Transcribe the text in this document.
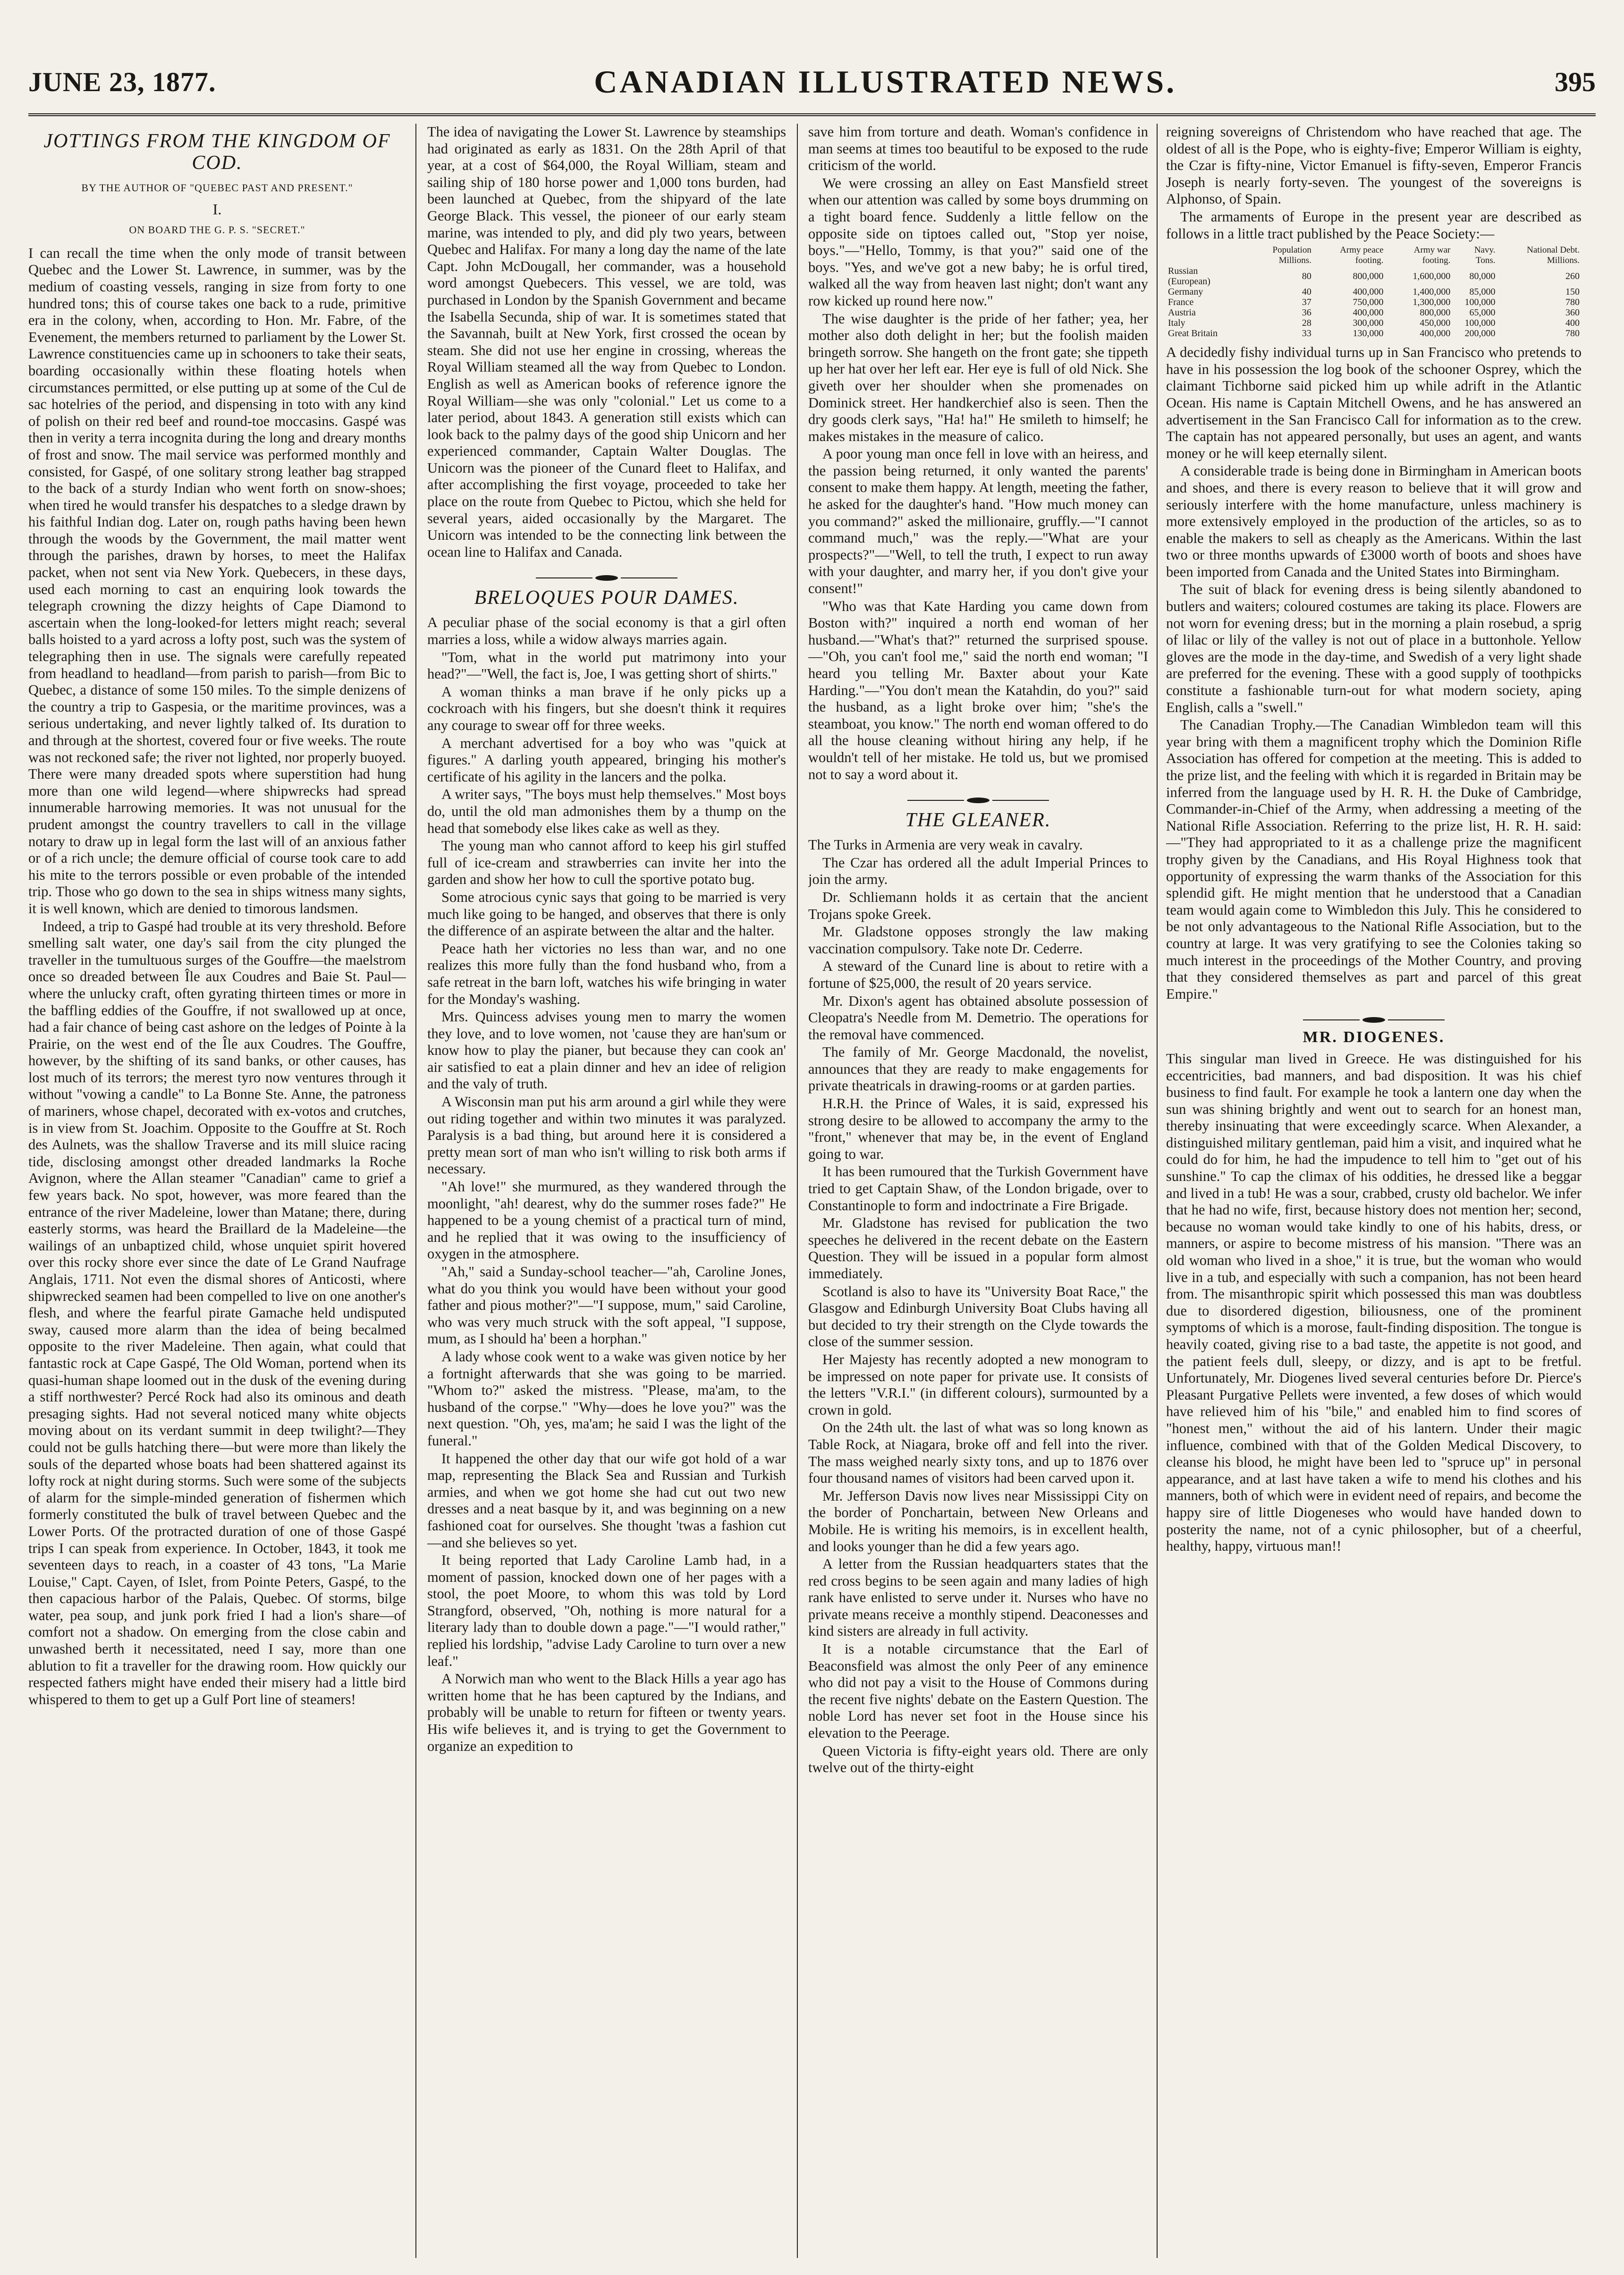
JUNE 23, 1877.	CANADIAN ILLUSTRATED NEWS.	395
JOTTINGS FROM THE KINGDOM OF COD.
BY THE AUTHOR OF "QUEBEC PAST AND PRESENT."
I.
ON BOARD THE G. P. S. "SECRET."

I can recall the time when the only mode of transit between Quebec and the Lower St. Lawrence, in summer, was by the medium of coasting vessels, ranging in size from forty to one hundred tons; this of course takes one back to a rude, primitive era in the colony, when, according to Hon. Mr. Fabre, of the Evenement, the members returned to parliament by the Lower St. Lawrence constituencies came up in schooners to take their seats, boarding occasionally within these floating hotels when circumstances permitted, or else putting up at some of the Cul de sac hotelries of the period, and dispensing in toto with any kind of polish on their red beef and round-toe moccasins. Gaspé was then in verity a terra incognita during the long and dreary months of frost and snow. The mail service was performed monthly and consisted, for Gaspé, of one solitary strong leather bag strapped to the back of a sturdy Indian who went forth on snow-shoes; when tired he would transfer his despatches to a sledge drawn by his faithful Indian dog. Later on, rough paths having been hewn through the woods by the Government, the mail matter went through the parishes, drawn by horses, to meet the Halifax packet, when not sent via New York. Quebecers, in these days, used each morning to cast an enquiring look towards the telegraph crowning the dizzy heights of Cape Diamond to ascertain when the long-looked-for letters might reach; several balls hoisted to a yard across a lofty post, such was the system of telegraphing then in use. The signals were carefully repeated from headland to headland—from parish to parish—from Bic to Quebec, a distance of some 150 miles. To the simple denizens of the country a trip to Gaspesia, or the maritime provinces, was a serious undertaking, and never lightly talked of. Its duration to and through at the shortest, covered four or five weeks. The route was not reckoned safe; the river not lighted, nor properly buoyed. There were many dreaded spots where superstition had hung more than one wild legend—where shipwrecks had spread innumerable harrowing memories. It was not unusual for the prudent amongst the country travellers to call in the village notary to draw up in legal form the last will of an anxious father or of a rich uncle; the demure official of course took care to add his mite to the terrors possible or even probable of the intended trip. Those who go down to the sea in ships witness many sights, it is well known, which are denied to timorous landsmen.

Indeed, a trip to Gaspé had trouble at its very threshold. Before smelling salt water, one day's sail from the city plunged the traveller in the tumultuous surges of the Gouffre—the maelstrom once so dreaded between Île aux Coudres and Baie St. Paul—where the unlucky craft, often gyrating thirteen times or more in the baffling eddies of the Gouffre, if not swallowed up at once, had a fair chance of being cast ashore on the ledges of Pointe à la Prairie, on the west end of the Île aux Coudres. The Gouffre, however, by the shifting of its sand banks, or other causes, has lost much of its terrors; the merest tyro now ventures through it without "vowing a candle" to La Bonne Ste. Anne, the patroness of mariners, whose chapel, decorated with ex-votos and crutches, is in view from St. Joachim. Opposite to the Gouffre at St. Roch des Aulnets, was the shallow Traverse and its mill sluice racing tide, disclosing amongst other dreaded landmarks la Roche Avignon, where the Allan steamer "Canadian" came to grief a few years back. No spot, however, was more feared than the entrance of the river Madeleine, lower than Matane; there, during easterly storms, was heard the Braillard de la Madeleine—the wailings of an unbaptized child, whose unquiet spirit hovered over this rocky shore ever since the date of Le Grand Naufrage Anglais, 1711. Not even the dismal shores of Anticosti, where shipwrecked seamen had been compelled to live on one another's flesh, and where the fearful pirate Gamache held undisputed sway, caused more alarm than the idea of being becalmed opposite to the river Madeleine. Then again, what could that fantastic rock at Cape Gaspé, The Old Woman, portend when its quasi-human shape loomed out in the dusk of the evening during a stiff northwester? Percé Rock had also its ominous and death presaging sights. Had not several noticed many white objects moving about on its verdant summit in deep twilight?—They could not be gulls hatching there—but were more than likely the souls of the departed whose boats had been shattered against its lofty rock at night during storms. Such were some of the subjects of alarm for the simple-minded generation of fishermen which formerly constituted the bulk of travel between Quebec and the Lower Ports. Of the protracted duration of one of those Gaspé trips I can speak from experience. In October, 1843, it took me seventeen days to reach, in a coaster of 43 tons, "La Marie Louise," Capt. Cayen, of Islet, from Pointe Peters, Gaspé, to the then capacious harbor of the Palais, Quebec. Of storms, bilge water, pea soup, and junk pork fried I had a lion's share—of comfort not a shadow. On emerging from the close cabin and unwashed berth it necessitated, need I say, more than one ablution to fit a traveller for the drawing room. How quickly our respected fathers might have ended their misery had a little bird whispered to them to get up a Gulf Port line of steamers!

The idea of navigating the Lower St. Lawrence by steamships had originated as early as 1831. On the 28th April of that year, at a cost of $64,000, the Royal William, steam and sailing ship of 180 horse power and 1,000 tons burden, had been launched at Quebec, from the shipyard of the late George Black. This vessel, the pioneer of our early steam marine, was intended to ply, and did ply two years, between Quebec and Halifax. For many a long day the name of the late Capt. John McDougall, her commander, was a household word amongst Quebecers. This vessel, we are told, was purchased in London by the Spanish Government and became the Isabella Secunda, ship of war. It is sometimes stated that the Savannah, built at New York, first crossed the ocean by steam. She did not use her engine in crossing, whereas the Royal William steamed all the way from Quebec to London. English as well as American books of reference ignore the Royal William—she was only "colonial." Let us come to a later period, about 1843. A generation still exists which can look back to the palmy days of the good ship Unicorn and her experienced commander, Captain Walter Douglas. The Unicorn was the pioneer of the Cunard fleet to Halifax, and after accomplishing the first voyage, proceeded to take her place on the route from Quebec to Pictou, which she held for several years, aided occasionally by the Margaret. The Unicorn was intended to be the connecting link between the ocean line to Halifax and Canada.

BRELOQUES POUR DAMES.

A peculiar phase of the social economy is that a girl often marries a loss, while a widow always marries again.

"Tom, what in the world put matrimony into your head?"—"Well, the fact is, Joe, I was getting short of shirts."

A woman thinks a man brave if he only picks up a cockroach with his fingers, but she doesn't think it requires any courage to swear off for three weeks.

A merchant advertised for a boy who was "quick at figures." A darling youth appeared, bringing his mother's certificate of his agility in the lancers and the polka.

A writer says, "The boys must help themselves." Most boys do, until the old man admonishes them by a thump on the head that somebody else likes cake as well as they.

The young man who cannot afford to keep his girl stuffed full of ice-cream and strawberries can invite her into the garden and show her how to cull the sportive potato bug.

Some atrocious cynic says that going to be married is very much like going to be hanged, and observes that there is only the difference of an aspirate between the altar and the halter.

Peace hath her victories no less than war, and no one realizes this more fully than the fond husband who, from a safe retreat in the barn loft, watches his wife bringing in water for the Monday's washing.

Mrs. Quincess advises young men to marry the women they love, and to love women, not 'cause they are han'sum or know how to play the pianer, but because they can cook an' air satisfied to eat a plain dinner and hev an idee of religion and the valy of truth.

A Wisconsin man put his arm around a girl while they were out riding together and within two minutes it was paralyzed. Paralysis is a bad thing, but around here it is considered a pretty mean sort of man who isn't willing to risk both arms if necessary.

"Ah love!" she murmured, as they wandered through the moonlight, "ah! dearest, why do the summer roses fade?" He happened to be a young chemist of a practical turn of mind, and he replied that it was owing to the insufficiency of oxygen in the atmosphere.

"Ah," said a Sunday-school teacher—"ah, Caroline Jones, what do you think you would have been without your good father and pious mother?"—"I suppose, mum," said Caroline, who was very much struck with the soft appeal, "I suppose, mum, as I should ha' been a horphan."

A lady whose cook went to a wake was given notice by her a fortnight afterwards that she was going to be married. "Whom to?" asked the mistress. "Please, ma'am, to the husband of the corpse." "Why—does he love you?" was the next question. "Oh, yes, ma'am; he said I was the light of the funeral."

It happened the other day that our wife got hold of a war map, representing the Black Sea and Russian and Turkish armies, and when we got home she had cut out two new dresses and a neat basque by it, and was beginning on a new fashioned coat for ourselves. She thought 'twas a fashion cut—and she believes so yet.

It being reported that Lady Caroline Lamb had, in a moment of passion, knocked down one of her pages with a stool, the poet Moore, to whom this was told by Lord Strangford, observed, "Oh, nothing is more natural for a literary lady than to double down a page."—"I would rather," replied his lordship, "advise Lady Caroline to turn over a new leaf."

A Norwich man who went to the Black Hills a year ago has written home that he has been captured by the Indians, and probably will be unable to return for fifteen or twenty years. His wife believes it, and is trying to get the Government to organize an expedition to

save him from torture and death. Woman's confidence in man seems at times too beautiful to be exposed to the rude criticism of the world.

We were crossing an alley on East Mansfield street when our attention was called by some boys drumming on a tight board fence. Suddenly a little fellow on the opposite side on tiptoes called out, "Stop yer noise, boys."—"Hello, Tommy, is that you?" said one of the boys. "Yes, and we've got a new baby; he is orful tired, walked all the way from heaven last night; don't want any row kicked up round here now."

The wise daughter is the pride of her father; yea, her mother also doth delight in her; but the foolish maiden bringeth sorrow. She hangeth on the front gate; she tippeth up her hat over her left ear. Her eye is full of old Nick. She giveth over her shoulder when she promenades on Dominick street. Her handkerchief also is seen. Then the dry goods clerk says, "Ha! ha!" He smileth to himself; he makes mistakes in the measure of calico.

A poor young man once fell in love with an heiress, and the passion being returned, it only wanted the parents' consent to make them happy. At length, meeting the father, he asked for the daughter's hand. "How much money can you command?" asked the millionaire, gruffly.—"I cannot command much," was the reply.—"What are your prospects?"—"Well, to tell the truth, I expect to run away with your daughter, and marry her, if you don't give your consent!"

"Who was that Kate Harding you came down from Boston with?" inquired a north end woman of her husband.—"What's that?" returned the surprised spouse.—"Oh, you can't fool me," said the north end woman; "I heard you telling Mr. Baxter about your Kate Harding."—"You don't mean the Katahdin, do you?" said the husband, as a light broke over him; "she's the steamboat, you know." The north end woman offered to do all the house cleaning without hiring any help, if he wouldn't tell of her mistake. He told us, but we promised not to say a word about it.

THE GLEANER.

The Turks in Armenia are very weak in cavalry.

The Czar has ordered all the adult Imperial Princes to join the army.

Dr. Schliemann holds it as certain that the ancient Trojans spoke Greek.

Mr. Gladstone opposes strongly the law making vaccination compulsory. Take note Dr. Cederre.

A steward of the Cunard line is about to retire with a fortune of $25,000, the result of 20 years service.

Mr. Dixon's agent has obtained absolute possession of Cleopatra's Needle from M. Demetrio. The operations for the removal have commenced.

The family of Mr. George Macdonald, the novelist, announces that they are ready to make engagements for private theatricals in drawing-rooms or at garden parties.

H.R.H. the Prince of Wales, it is said, expressed his strong desire to be allowed to accompany the army to the "front," whenever that may be, in the event of England going to war.

It has been rumoured that the Turkish Government have tried to get Captain Shaw, of the London brigade, over to Constantinople to form and indoctrinate a Fire Brigade.

Mr. Gladstone has revised for publication the two speeches he delivered in the recent debate on the Eastern Question. They will be issued in a popular form almost immediately.

Scotland is also to have its "University Boat Race," the Glasgow and Edinburgh University Boat Clubs having all but decided to try their strength on the Clyde towards the close of the summer session.

Her Majesty has recently adopted a new monogram to be impressed on note paper for private use. It consists of the letters "V.R.I." (in different colours), surmounted by a crown in gold.

On the 24th ult. the last of what was so long known as Table Rock, at Niagara, broke off and fell into the river. The mass weighed nearly sixty tons, and up to 1876 over four thousand names of visitors had been carved upon it.

Mr. Jefferson Davis now lives near Mississippi City on the border of Ponchartain, between New Orleans and Mobile. He is writing his memoirs, is in excellent health, and looks younger than he did a few years ago.

A letter from the Russian headquarters states that the red cross begins to be seen again and many ladies of high rank have enlisted to serve under it. Nurses who have no private means receive a monthly stipend. Deaconesses and kind sisters are already in full activity.

It is a notable circumstance that the Earl of Beaconsfield was almost the only Peer of any eminence who did not pay a visit to the House of Commons during the recent five nights' debate on the Eastern Question. The noble Lord has never set foot in the House since his elevation to the Peerage.

Queen Victoria is fifty-eight years old. There are only twelve out of the thirty-eight

reigning sovereigns of Christendom who have reached that age. The oldest of all is the Pope, who is eighty-five; Emperor William is eighty, the Czar is fifty-nine, Victor Emanuel is fifty-seven, Emperor Francis Joseph is nearly forty-seven. The youngest of the sovereigns is Alphonso, of Spain.

The armaments of Europe in the present year are described as follows in a little tract published by the Peace Society:—

	Population Millions.	Army peace footing.	Army war footing.	Navy. Tons.	National Debt. Millions.
Russian (European)	80	800,000	1,600,000	80,000	260
Germany	40	400,000	1,400,000	85,000	150
France	37	750,000	1,300,000	100,000	780
Austria	36	400,000	800,000	65,000	360
Italy	28	300,000	450,000	100,000	400
Great Britain	33	130,000	400,000	200,000	780

A decidedly fishy individual turns up in San Francisco who pretends to have in his possession the log book of the schooner Osprey, which the claimant Tichborne said picked him up while adrift in the Atlantic Ocean. His name is Captain Mitchell Owens, and he has answered an advertisement in the San Francisco Call for information as to the crew. The captain has not appeared personally, but uses an agent, and wants money or he will keep eternally silent.

A considerable trade is being done in Birmingham in American boots and shoes, and there is every reason to believe that it will grow and seriously interfere with the home manufacture, unless machinery is more extensively employed in the production of the articles, so as to enable the makers to sell as cheaply as the Americans. Within the last two or three months upwards of £3000 worth of boots and shoes have been imported from Canada and the United States into Birmingham.

The suit of black for evening dress is being silently abandoned to butlers and waiters; coloured costumes are taking its place. Flowers are not worn for evening dress; but in the morning a plain rosebud, a sprig of lilac or lily of the valley is not out of place in a buttonhole. Yellow gloves are the mode in the day-time, and Swedish of a very light shade are preferred for the evening. These with a good supply of toothpicks constitute a fashionable turn-out for what modern society, aping English, calls a "swell."

The Canadian Trophy.—The Canadian Wimbledon team will this year bring with them a magnificent trophy which the Dominion Rifle Association has offered for competion at the meeting. This is added to the prize list, and the feeling with which it is regarded in Britain may be inferred from the language used by H. R. H. the Duke of Cambridge, Commander-in-Chief of the Army, when addressing a meeting of the National Rifle Association. Referring to the prize list, H. R. H. said:—"They had appropriated to it as a challenge prize the magnificent trophy given by the Canadians, and His Royal Highness took that opportunity of expressing the warm thanks of the Association for this splendid gift. He might mention that he understood that a Canadian team would again come to Wimbledon this July. This he considered to be not only advantageous to the National Rifle Association, but to the country at large. It was very gratifying to see the Colonies taking so much interest in the proceedings of the Mother Country, and proving that they considered themselves as part and parcel of this great Empire."

MR. DIOGENES.

This singular man lived in Greece. He was distinguished for his eccentricities, bad manners, and bad disposition. It was his chief business to find fault. For example he took a lantern one day when the sun was shining brightly and went out to search for an honest man, thereby insinuating that were exceedingly scarce. When Alexander, a distinguished military gentleman, paid him a visit, and inquired what he could do for him, he had the impudence to tell him to "get out of his sunshine." To cap the climax of his oddities, he dressed like a beggar and lived in a tub! He was a sour, crabbed, crusty old bachelor. We infer that he had no wife, first, because history does not mention her; second, because no woman would take kindly to one of his habits, dress, or manners, or aspire to become mistress of his mansion. "There was an old woman who lived in a shoe," it is true, but the woman who would live in a tub, and especially with such a companion, has not been heard from. The misanthropic spirit which possessed this man was doubtless due to disordered digestion, biliousness, one of the prominent symptoms of which is a morose, fault-finding disposition. The tongue is heavily coated, giving rise to a bad taste, the appetite is not good, and the patient feels dull, sleepy, or dizzy, and is apt to be fretful. Unfortunately, Mr. Diogenes lived several centuries before Dr. Pierce's Pleasant Purgative Pellets were invented, a few doses of which would have relieved him of his "bile," and enabled him to find scores of "honest men," without the aid of his lantern. Under their magic influence, combined with that of the Golden Medical Discovery, to cleanse his blood, he might have been led to "spruce up" in personal appearance, and at last have taken a wife to mend his clothes and his manners, both of which were in evident need of repairs, and become the happy sire of little Diogeneses who would have handed down to posterity the name, not of a cynic philosopher, but of a cheerful, healthy, happy, virtuous man!!
